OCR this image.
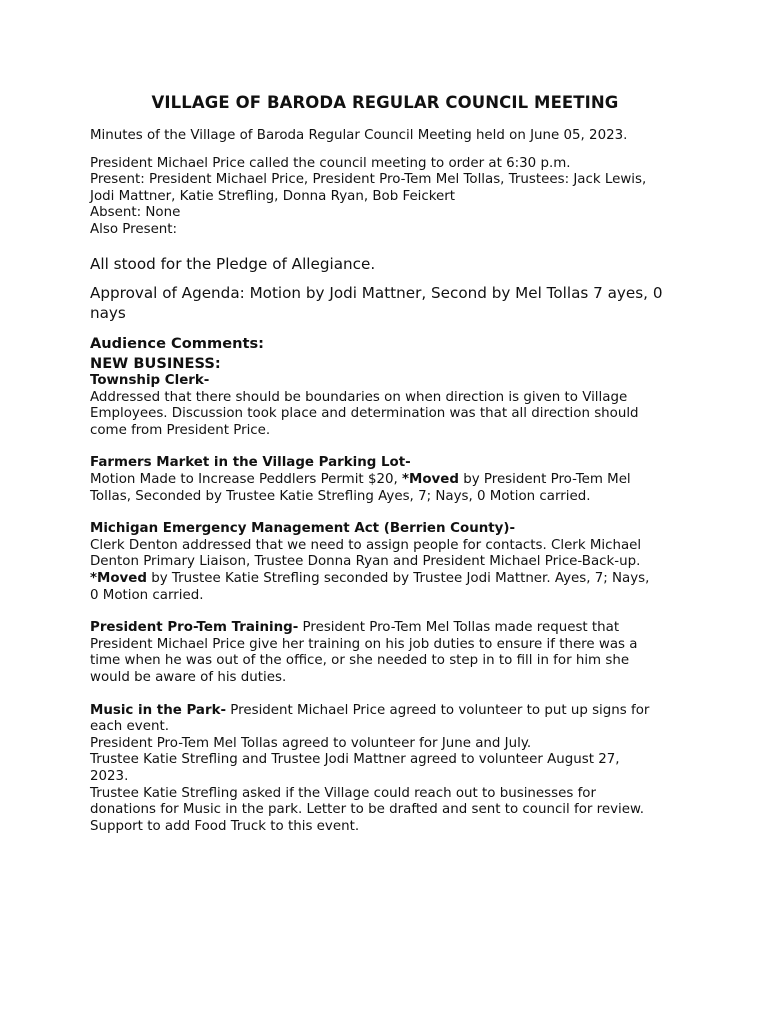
VILLAGE OF BARODA REGULAR COUNCIL MEETING

Minutes of the Village of Baroda Regular Council Meeting held on June 05, 2023.

President Michael Price called the council meeting to order at 6:30 p.m.

Present: President Michael Price, President Pro-Tem Mel Tollas, Trustees: Jack Lewis,

Jodi Mattner, Katie Strefling, Donna Ryan, Bob Feickert

Absent: None

Also Present:

All stood for the Pledge of Allegiance.

Approval of Agenda: Motion by Jodi Mattner, Second by Mel Tollas 7 ayes, 0

nays

Audience Comments:

NEW BUSINESS:

Township Clerk-

Addressed that there should be boundaries on when direction is given to Village

Employees. Discussion took place and determination was that all direction should

come from President Price.

Farmers Market in the Village Parking Lot-

Motion Made to Increase Peddlers Permit $20, *Moved by President Pro-Tem Mel

Tollas, Seconded by Trustee Katie Strefling Ayes, 7; Nays, 0 Motion carried.

Michigan Emergency Management Act (Berrien County)-

Clerk Denton addressed that we need to assign people for contacts. Clerk Michael

Denton Primary Liaison, Trustee Donna Ryan and President Michael Price-Back-up.

*Moved by Trustee Katie Strefling seconded by Trustee Jodi Mattner. Ayes, 7; Nays,

0 Motion carried.

President Pro-Tem Training- President Pro-Tem Mel Tollas made request that

President Michael Price give her training on his job duties to ensure if there was a

time when he was out of the office, or she needed to step in to fill in for him she

would be aware of his duties.

Music in the Park- President Michael Price agreed to volunteer to put up signs for

each event.

President Pro-Tem Mel Tollas agreed to volunteer for June and July.

Trustee Katie Strefling and Trustee Jodi Mattner agreed to volunteer August 27,

2023.

Trustee Katie Strefling asked if the Village could reach out to businesses for

donations for Music in the park. Letter to be drafted and sent to council for review.

Support to add Food Truck to this event.
